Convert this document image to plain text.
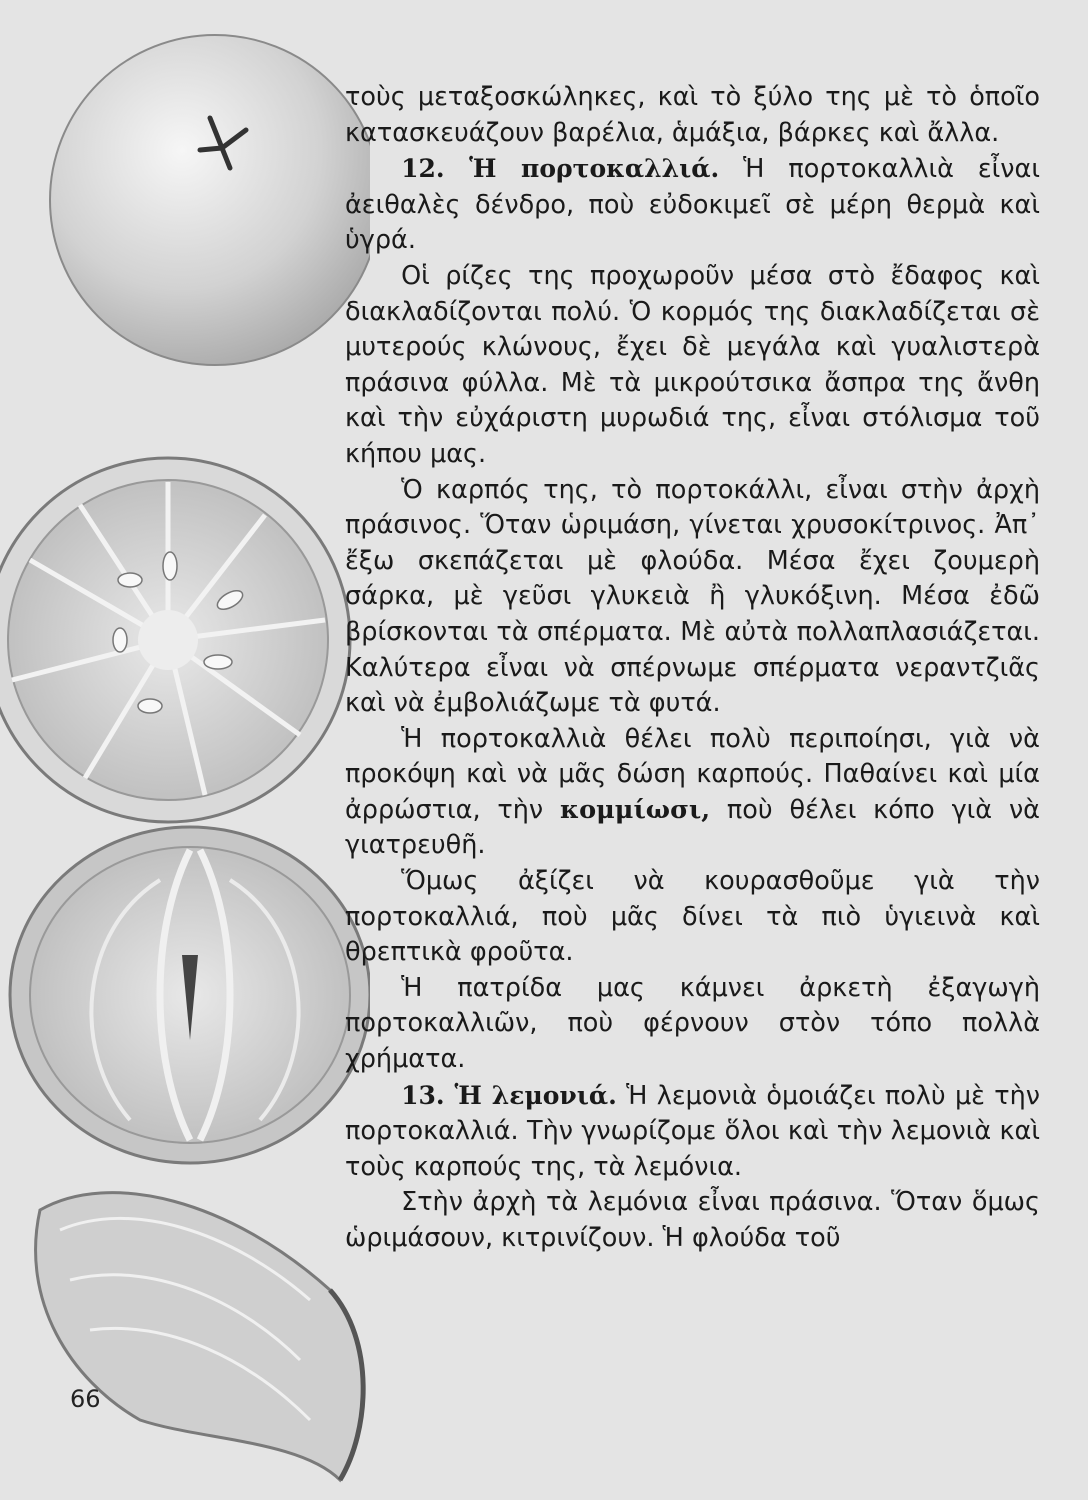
τοὺς μεταξοσκώληκες, καὶ τὸ ξύλο της μὲ τὸ ὁποῖο κατασκευάζουν βαρέλια, ἁμάξια, βάρκες καὶ ἄλλα.

12. Ἡ πορτοκαλλιά. Ἡ πορτοκαλλιὰ εἶναι ἀειθαλὲς δένδρο, ποὺ εὐδοκιμεῖ σὲ μέρη θερμὰ καὶ ὑγρά.

Οἱ ρίζες της προχωροῦν μέσα στὸ ἔδαφος καὶ διακλαδίζονται πολύ. Ὁ κορμός της διακλαδίζεται σὲ μυτερούς κλώνους, ἔχει δὲ μεγάλα καὶ γυαλιστερὰ πράσινα φύλλα. Μὲ τὰ μικρούτσικα ἄσπρα της ἄνθη καὶ τὴν εὐχάριστη μυρωδιά της, εἶναι στόλισμα τοῦ κήπου μας.

Ὁ καρπός της, τὸ πορτοκάλλι, εἶναι στὴν ἀρχὴ πράσινος. Ὅταν ὡριμάση, γίνεται χρυσοκίτρινος. Ἀπ᾿ ἔξω σκεπάζεται μὲ φλούδα. Μέσα ἔχει ζουμερὴ σάρκα, μὲ γεῦσι γλυκειὰ ἢ γλυκόξινη. Μέσα ἐδῶ βρίσκονται τὰ σπέρματα. Μὲ αὐτὰ πολλαπλασιάζεται. Καλύτερα εἶναι νὰ σπέρνωμε σπέρματα νεραντζιᾶς καὶ νὰ ἐμβολιάζωμε τὰ φυτά.

Ἡ πορτοκαλλιὰ θέλει πολὺ περιποίησι, γιὰ νὰ προκόψη καὶ νὰ μᾶς δώση καρπούς. Παθαίνει καὶ μία ἀρρώστια, τὴν κομμίωσι, ποὺ θέλει κόπο γιὰ νὰ γιατρευθῆ.

Ὅμως ἀξίζει νὰ κουρασθοῦμε γιὰ τὴν πορτοκαλλιά, ποὺ μᾶς δίνει τὰ πιὸ ὑγιεινὰ καὶ θρεπτικὰ φροῦτα.

Ἡ πατρίδα μας κάμνει ἀρκετὴ ἐξαγωγὴ πορτοκαλλιῶν, ποὺ φέρνουν στὸν τόπο πολλὰ χρήματα.

13. Ἡ λεμονιά. Ἡ λεμονιὰ ὁμοιάζει πολὺ μὲ τὴν πορτοκαλλιά. Τὴν γνωρίζομε ὅλοι καὶ τὴν λεμονιὰ καὶ τοὺς καρπούς της, τὰ λεμόνια.

Στὴν ἀρχὴ τὰ λεμόνια εἶναι πράσινα. Ὅταν ὅμως ὡριμάσουν, κιτρινίζουν. Ἡ φλούδα τοῦ

66
